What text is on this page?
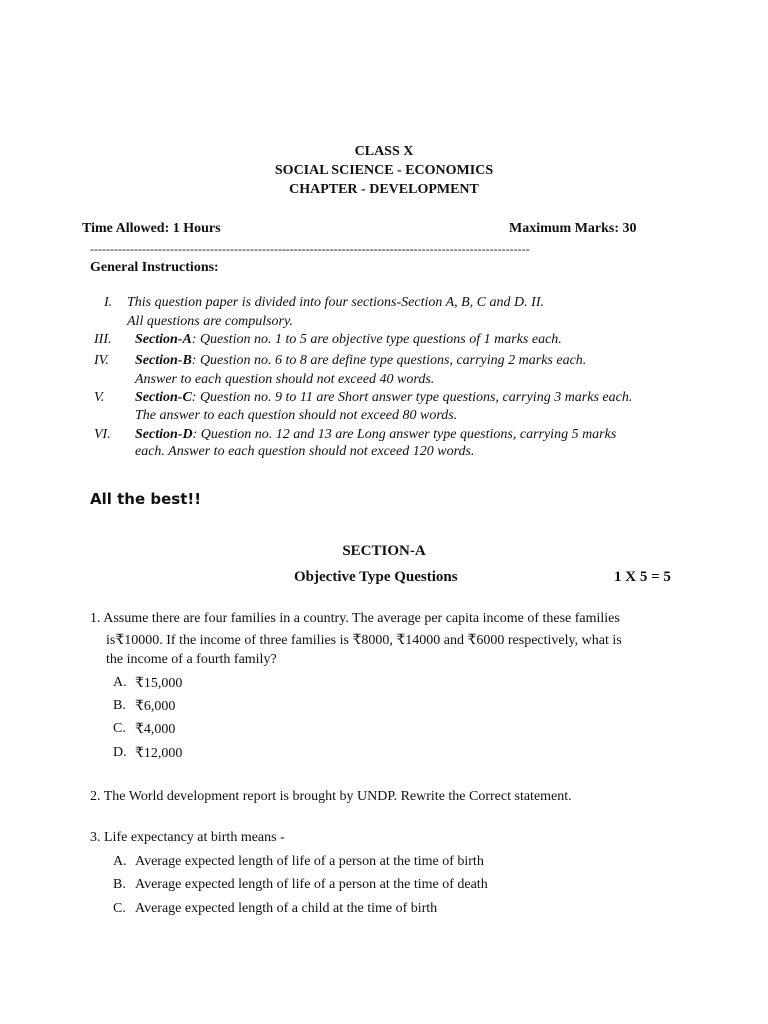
CLASS X
SOCIAL SCIENCE - ECONOMICS
CHAPTER - DEVELOPMENT
Time Allowed: 1 Hours	Maximum Marks: 30
--------------------------------------------------------------------------------------------------------------
General Instructions:
I. This question paper is divided into four sections-Section A, B, C and D. II.
All questions are compulsory.
III. Section-A: Question no. 1 to 5 are objective type questions of 1 marks each.
IV. Section-B: Question no. 6 to 8 are define type questions, carrying 2 marks each.
Answer to each question should not exceed 40 words.
V. Section-C: Question no. 9 to 11 are Short answer type questions, carrying 3 marks each.
The answer to each question should not exceed 80 words.
VI. Section-D: Question no. 12 and 13 are Long answer type questions, carrying 5 marks
each. Answer to each question should not exceed 120 words.
All the best!!
SECTION-A
Objective Type Questions	1 X 5 = 5
1. Assume there are four families in a country. The average per capita income of these families
is₹10000. If the income of three families is ₹8000, ₹14000 and ₹6000 respectively, what is
the income of a fourth family?
A. ₹15,000
B. ₹6,000
C. ₹4,000
D. ₹12,000
2. The World development report is brought by UNDP. Rewrite the Correct statement.
3. Life expectancy at birth means -
A. Average expected length of life of a person at the time of birth
B. Average expected length of life of a person at the time of death
C. Average expected length of a child at the time of birth
